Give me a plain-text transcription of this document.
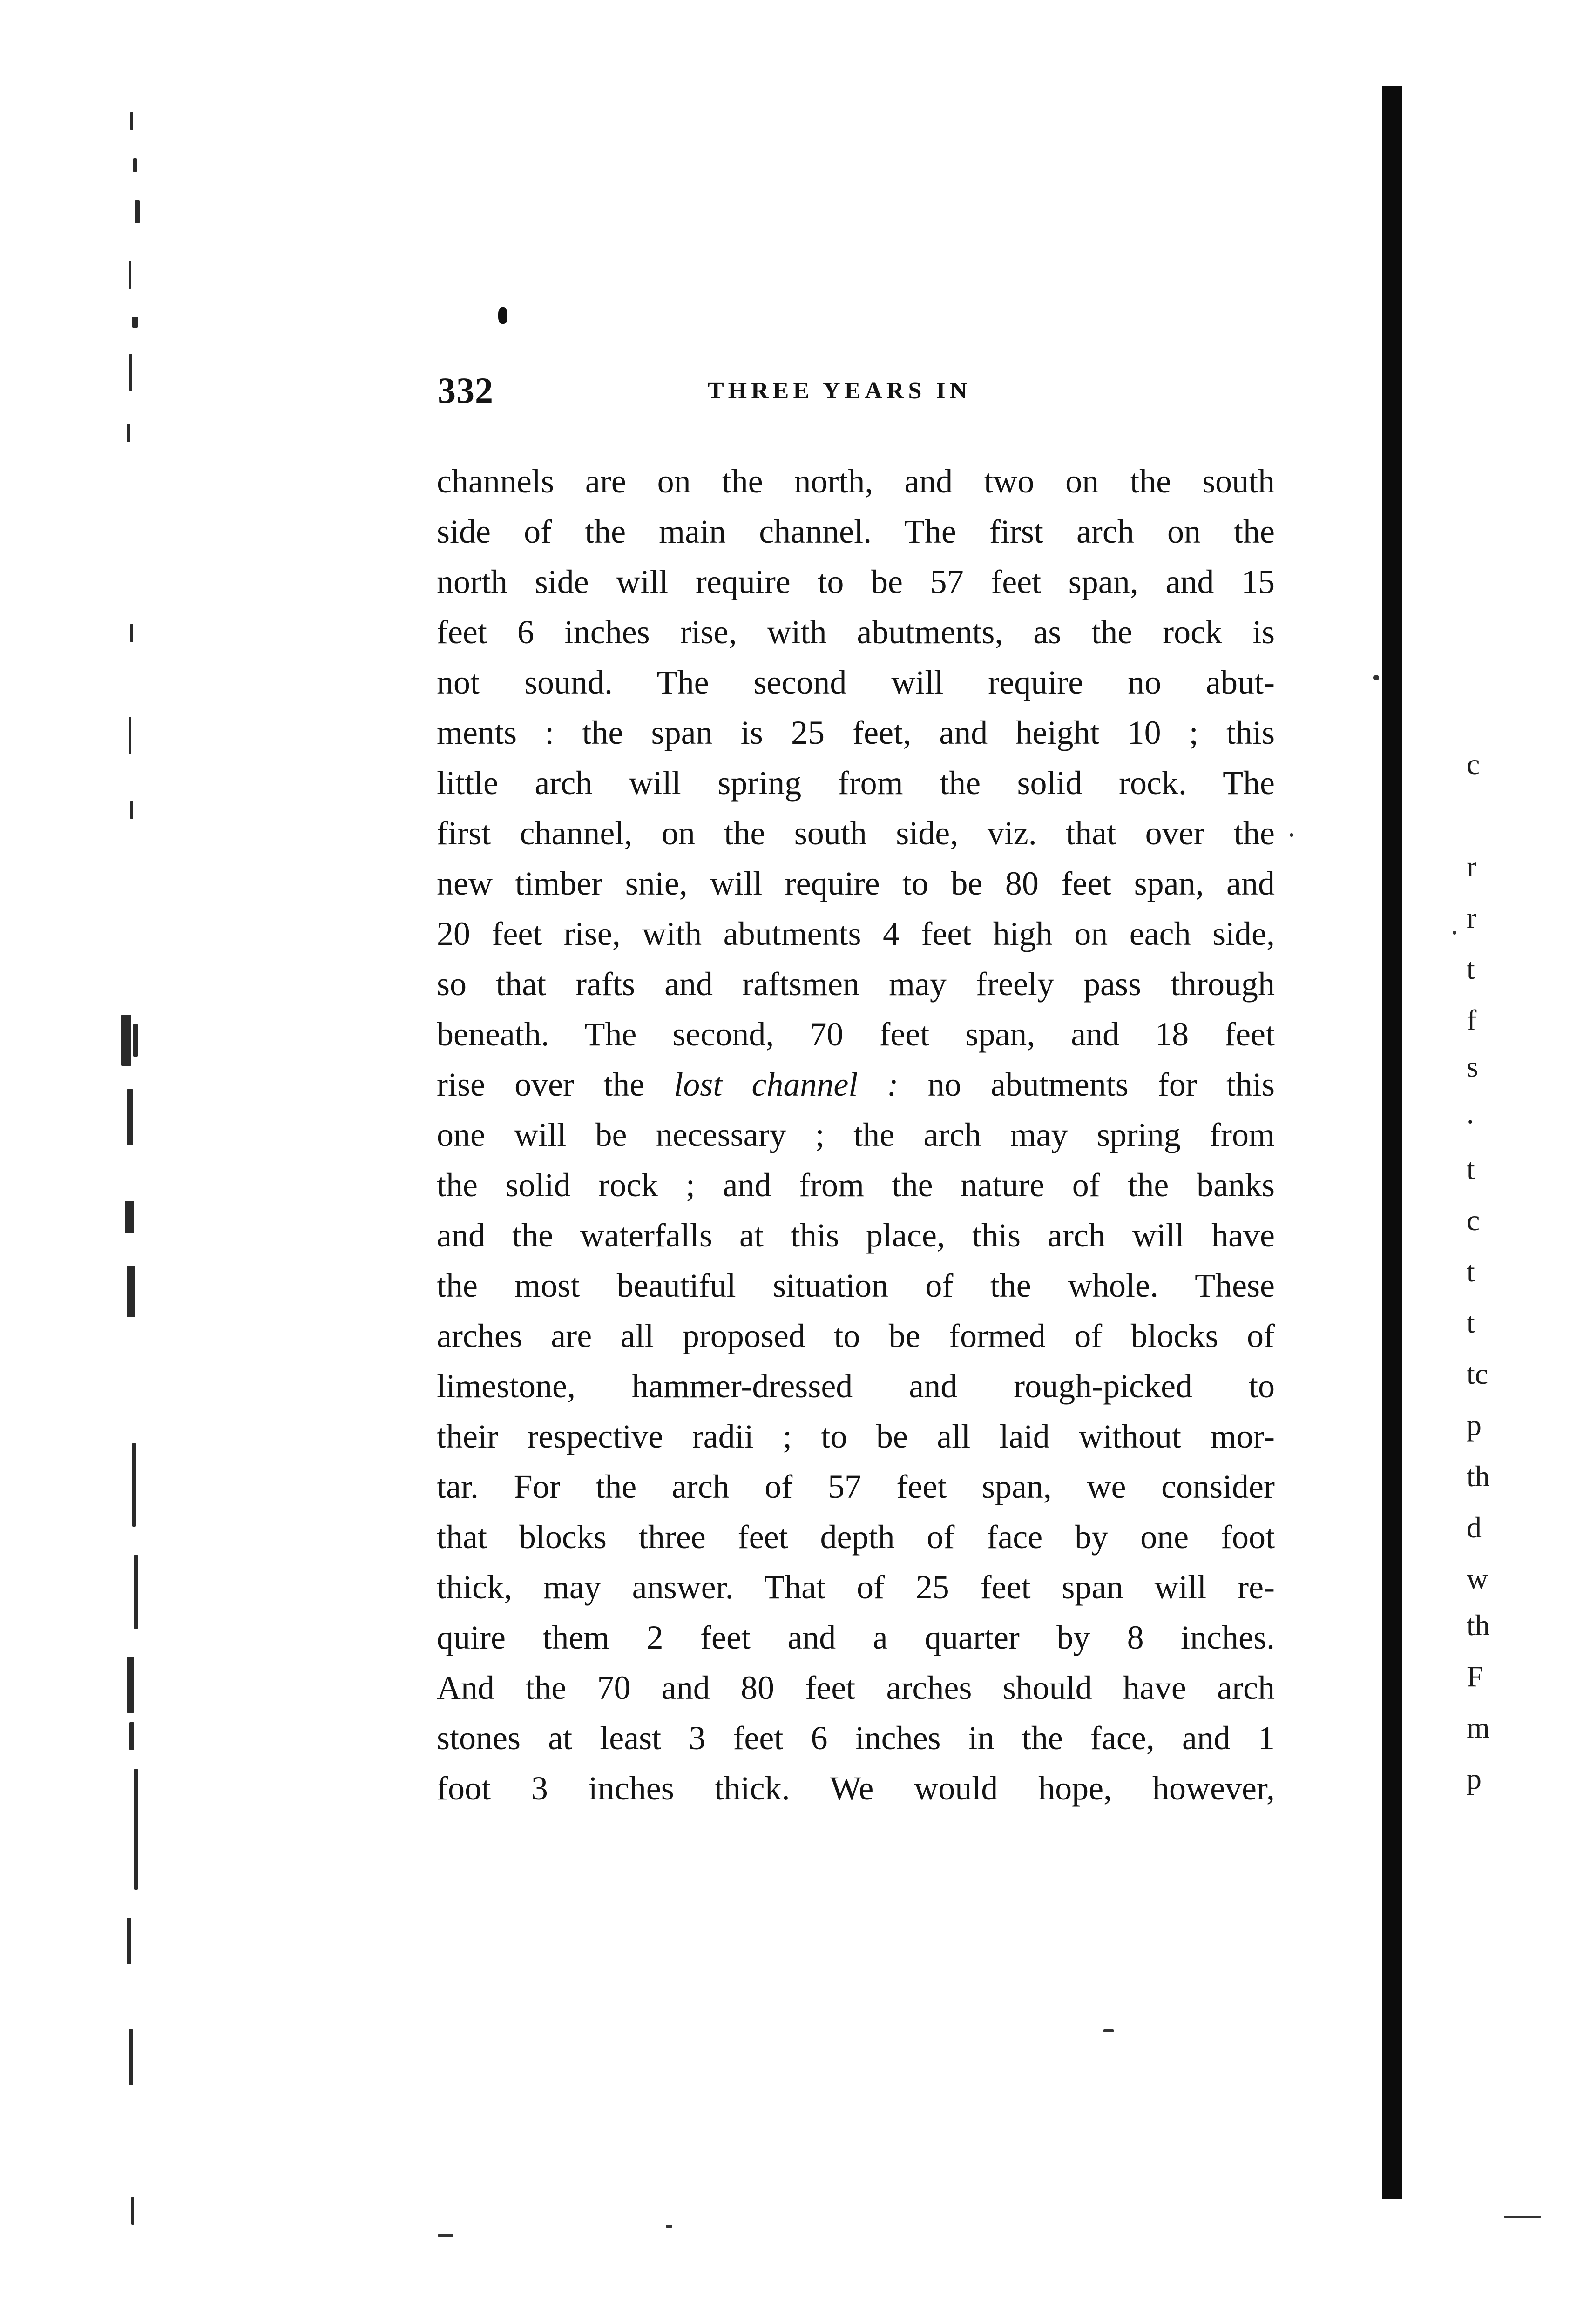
332	THREE YEARS IN
channels are on the north, and two on the south
side of the main channel. The first arch on the
north side will require to be 57 feet span, and 15
feet 6 inches rise, with abutments, as the rock is
not sound. The second will require no abut-
ments : the span is 25 feet, and height 10 ; this
little arch will spring from the solid rock. The
first channel, on the south side, viz. that over the
new timber snie, will require to be 80 feet span, and
20 feet rise, with abutments 4 feet high on each side,
so that rafts and raftsmen may freely pass through
beneath. The second, 70 feet span, and 18 feet
rise over the lost channel : no abutments for this
one will be necessary ; the arch may spring from
the solid rock ; and from the nature of the banks
and the waterfalls at this place, this arch will have
the most beautiful situation of the whole. These
arches are all proposed to be formed of blocks of
limestone, hammer-dressed and rough-picked to
their respective radii ; to be all laid without mor-
tar. For the arch of 57 feet span, we consider
that blocks three feet depth of face by one foot
thick, may answer. That of 25 feet span will re-
quire them 2 feet and a quarter by 8 inches.
And the 70 and 80 feet arches should have arch
stones at least 3 feet 6 inches in the face, and 1
foot 3 inches thick. We would hope, however,
c
r
r
t
f
s
.
t
c
t
t
tc
p
th
d
w
th
F
m
p
